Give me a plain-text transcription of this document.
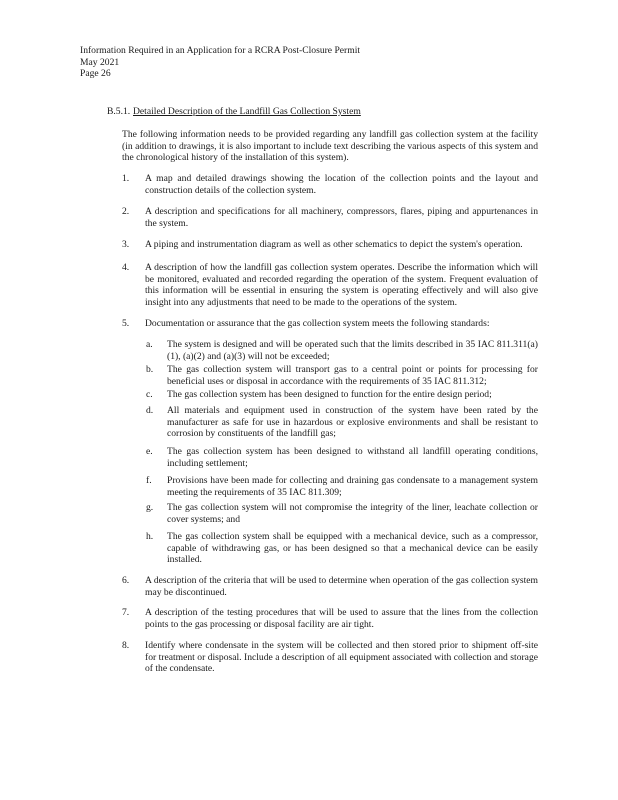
Information Required in an Application for a RCRA Post-Closure Permit
May 2021
Page 26
B.5.1. Detailed Description of the Landfill Gas Collection System
The following information needs to be provided regarding any landfill gas collection system at the facility (in addition to drawings, it is also important to include text describing the various aspects of this system and the chronological history of the installation of this system).
1. A map and detailed drawings showing the location of the collection points and the layout and construction details of the collection system.
2. A description and specifications for all machinery, compressors, flares, piping and appurtenances in the system.
3. A piping and instrumentation diagram as well as other schematics to depict the system's operation.
4. A description of how the landfill gas collection system operates. Describe the information which will be monitored, evaluated and recorded regarding the operation of the system. Frequent evaluation of this information will be essential in ensuring the system is operating effectively and will also give insight into any adjustments that need to be made to the operations of the system.
5. Documentation or assurance that the gas collection system meets the following standards:
a. The system is designed and will be operated such that the limits described in 35 IAC 811.311(a)(1), (a)(2) and (a)(3) will not be exceeded;
b. The gas collection system will transport gas to a central point or points for processing for beneficial uses or disposal in accordance with the requirements of 35 IAC 811.312;
c. The gas collection system has been designed to function for the entire design period;
d. All materials and equipment used in construction of the system have been rated by the manufacturer as safe for use in hazardous or explosive environments and shall be resistant to corrosion by constituents of the landfill gas;
e. The gas collection system has been designed to withstand all landfill operating conditions, including settlement;
f. Provisions have been made for collecting and draining gas condensate to a management system meeting the requirements of 35 IAC 811.309;
g. The gas collection system will not compromise the integrity of the liner, leachate collection or cover systems; and
h. The gas collection system shall be equipped with a mechanical device, such as a compressor, capable of withdrawing gas, or has been designed so that a mechanical device can be easily installed.
6. A description of the criteria that will be used to determine when operation of the gas collection system may be discontinued.
7. A description of the testing procedures that will be used to assure that the lines from the collection points to the gas processing or disposal facility are air tight.
8. Identify where condensate in the system will be collected and then stored prior to shipment off-site for treatment or disposal. Include a description of all equipment associated with collection and storage of the condensate.
